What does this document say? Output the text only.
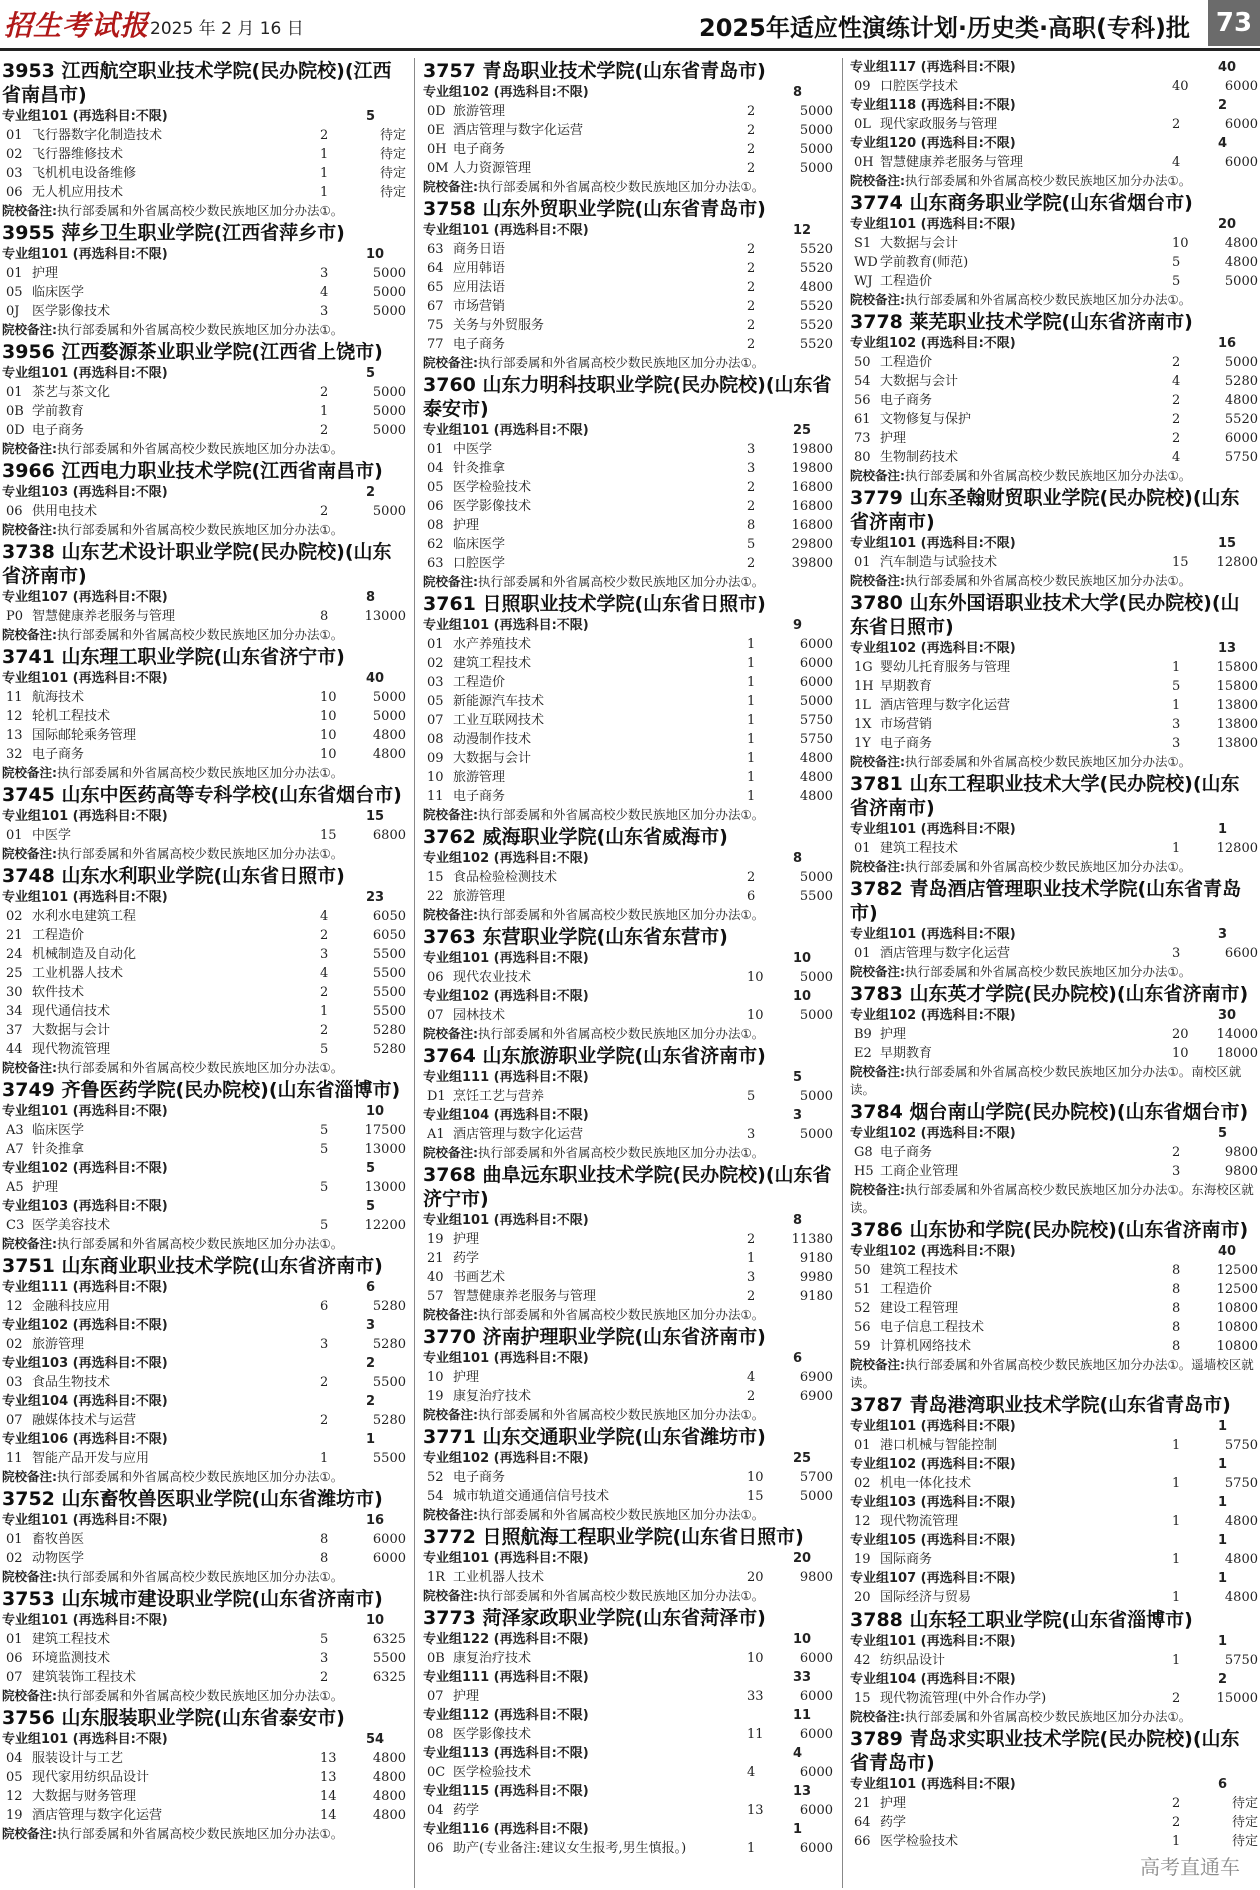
招生考试报 2025 年 2 月 16 日	2025年适应性演练计划·历史类·高职(专科)批 73
3953 江西航空职业技术学院(民办院校)(江西省南昌市)
专业组101 (再选科目:不限)	5
01 飞行器数字化制造技术	2	待定
02 飞行器维修技术	1	待定
03 飞机机电设备维修	1	待定
06 无人机应用技术	1	待定
院校备注:执行部委属和外省属高校少数民族地区加分办法①。
3955 萍乡卫生职业学院(江西省萍乡市)
专业组101 (再选科目:不限)	10
01 护理	3	5000
05 临床医学	4	5000
0J 医学影像技术	3	5000
院校备注:执行部委属和外省属高校少数民族地区加分办法①。
3956 江西婺源茶业职业学院(江西省上饶市)
专业组101 (再选科目:不限)	5
01 茶艺与茶文化	2	5000
0B 学前教育	1	5000
0D 电子商务	2	5000
院校备注:执行部委属和外省属高校少数民族地区加分办法①。
3966 江西电力职业技术学院(江西省南昌市)
专业组103 (再选科目:不限)	2
06 供用电技术	2	5000
院校备注:执行部委属和外省属高校少数民族地区加分办法①。
3738 山东艺术设计职业学院(民办院校)(山东省济南市)
专业组107 (再选科目:不限)	8
P0 智慧健康养老服务与管理	8	13000
院校备注:执行部委属和外省属高校少数民族地区加分办法①。
3741 山东理工职业学院(山东省济宁市)
专业组101 (再选科目:不限)	40
11 航海技术	10	5000
12 轮机工程技术	10	5000
13 国际邮轮乘务管理	10	4800
32 电子商务	10	4800
院校备注:执行部委属和外省属高校少数民族地区加分办法①。
3745 山东中医药高等专科学校(山东省烟台市)
专业组101 (再选科目:不限)	15
01 中医学	15	6800
院校备注:执行部委属和外省属高校少数民族地区加分办法①。
3748 山东水利职业学院(山东省日照市)
专业组101 (再选科目:不限)	23
02 水利水电建筑工程	4	6050
21 工程造价	2	6050
24 机械制造及自动化	3	5500
25 工业机器人技术	4	5500
30 软件技术	2	5500
34 现代通信技术	1	5500
37 大数据与会计	2	5280
44 现代物流管理	5	5280
院校备注:执行部委属和外省属高校少数民族地区加分办法①。
3749 齐鲁医药学院(民办院校)(山东省淄博市)
专业组101 (再选科目:不限)	10
A3 临床医学	5	17500
A7 针灸推拿	5	13000
专业组102 (再选科目:不限)	5
A5 护理	5	13000
专业组103 (再选科目:不限)	5
C3 医学美容技术	5	12200
院校备注:执行部委属和外省属高校少数民族地区加分办法①。
3751 山东商业职业技术学院(山东省济南市)
专业组111 (再选科目:不限)	6
12 金融科技应用	6	5280
专业组102 (再选科目:不限)	3
02 旅游管理	3	5280
专业组103 (再选科目:不限)	2
03 食品生物技术	2	5500
专业组104 (再选科目:不限)	2
07 融媒体技术与运营	2	5280
专业组106 (再选科目:不限)	1
11 智能产品开发与应用	1	5500
院校备注:执行部委属和外省属高校少数民族地区加分办法①。
3752 山东畜牧兽医职业学院(山东省潍坊市)
专业组101 (再选科目:不限)	16
01 畜牧兽医	8	6000
02 动物医学	8	6000
院校备注:执行部委属和外省属高校少数民族地区加分办法①。
3753 山东城市建设职业学院(山东省济南市)
专业组101 (再选科目:不限)	10
01 建筑工程技术	5	6325
06 环境监测技术	3	5500
07 建筑装饰工程技术	2	6325
院校备注:执行部委属和外省属高校少数民族地区加分办法①。
3756 山东服装职业学院(山东省泰安市)
专业组101 (再选科目:不限)	54
04 服装设计与工艺	13	4800
05 现代家用纺织品设计	13	4800
12 大数据与财务管理	14	4800
19 酒店管理与数字化运营	14	4800
院校备注:执行部委属和外省属高校少数民族地区加分办法①。
3757 青岛职业技术学院(山东省青岛市)
专业组102 (再选科目:不限)	8
0D 旅游管理	2	5000
0E 酒店管理与数字化运营	2	5000
0H 电子商务	2	5000
0M 人力资源管理	2	5000
院校备注:执行部委属和外省属高校少数民族地区加分办法①。
3758 山东外贸职业学院(山东省青岛市)
专业组101 (再选科目:不限)	12
63 商务日语	2	5520
64 应用韩语	2	5520
65 应用法语	2	4800
67 市场营销	2	5520
75 关务与外贸服务	2	5520
77 电子商务	2	5520
院校备注:执行部委属和外省属高校少数民族地区加分办法①。
3760 山东力明科技职业学院(民办院校)(山东省泰安市)
专业组101 (再选科目:不限)	25
01 中医学	3	19800
04 针灸推拿	3	19800
05 医学检验技术	2	16800
06 医学影像技术	2	16800
08 护理	8	16800
62 临床医学	5	29800
63 口腔医学	2	39800
院校备注:执行部委属和外省属高校少数民族地区加分办法①。
3761 日照职业技术学院(山东省日照市)
专业组101 (再选科目:不限)	9
01 水产养殖技术	1	6000
02 建筑工程技术	1	6000
03 工程造价	1	6000
05 新能源汽车技术	1	5000
07 工业互联网技术	1	5750
08 动漫制作技术	1	5750
09 大数据与会计	1	4800
10 旅游管理	1	4800
11 电子商务	1	4800
院校备注:执行部委属和外省属高校少数民族地区加分办法①。
3762 威海职业学院(山东省威海市)
专业组102 (再选科目:不限)	8
15 食品检验检测技术	2	5000
22 旅游管理	6	5500
院校备注:执行部委属和外省属高校少数民族地区加分办法①。
3763 东营职业学院(山东省东营市)
专业组101 (再选科目:不限)	10
06 现代农业技术	10	5000
专业组102 (再选科目:不限)	10
07 园林技术	10	5000
院校备注:执行部委属和外省属高校少数民族地区加分办法①。
3764 山东旅游职业学院(山东省济南市)
专业组111 (再选科目:不限)	5
D1 烹饪工艺与营养	5	5000
专业组104 (再选科目:不限)	3
A1 酒店管理与数字化运营	3	5000
院校备注:执行部委属和外省属高校少数民族地区加分办法①。
3768 曲阜远东职业技术学院(民办院校)(山东省济宁市)
专业组101 (再选科目:不限)	8
19 护理	2	11380
21 药学	1	9180
40 书画艺术	3	9980
57 智慧健康养老服务与管理	2	9180
院校备注:执行部委属和外省属高校少数民族地区加分办法①。
3770 济南护理职业学院(山东省济南市)
专业组101 (再选科目:不限)	6
10 护理	4	6900
19 康复治疗技术	2	6900
院校备注:执行部委属和外省属高校少数民族地区加分办法①。
3771 山东交通职业学院(山东省潍坊市)
专业组102 (再选科目:不限)	25
52 电子商务	10	5700
54 城市轨道交通通信信号技术	15	5000
院校备注:执行部委属和外省属高校少数民族地区加分办法①。
3772 日照航海工程职业学院(山东省日照市)
专业组101 (再选科目:不限)	20
1R 工业机器人技术	20	9800
院校备注:执行部委属和外省属高校少数民族地区加分办法①。
3773 菏泽家政职业学院(山东省菏泽市)
专业组122 (再选科目:不限)	10
0B 康复治疗技术	10	6000
专业组111 (再选科目:不限)	33
07 护理	33	6000
专业组112 (再选科目:不限)	11
08 医学影像技术	11	6000
专业组113 (再选科目:不限)	4
0C 医学检验技术	4	6000
专业组115 (再选科目:不限)	13
04 药学	13	6000
专业组116 (再选科目:不限)	1
06 助产(专业备注:建议女生报考,男生慎报。)	1	6000
专业组117 (再选科目:不限)	40
09 口腔医学技术	40	6000
专业组118 (再选科目:不限)	2
0L 现代家政服务与管理	2	6000
专业组120 (再选科目:不限)	4
0H 智慧健康养老服务与管理	4	6000
院校备注:执行部委属和外省属高校少数民族地区加分办法①。
3774 山东商务职业学院(山东省烟台市)
专业组101 (再选科目:不限)	20
S1 大数据与会计	10	4800
WD 学前教育(师范)	5	4800
WJ 工程造价	5	5000
院校备注:执行部委属和外省属高校少数民族地区加分办法①。
3778 莱芜职业技术学院(山东省济南市)
专业组102 (再选科目:不限)	16
50 工程造价	2	5000
54 大数据与会计	4	5280
56 电子商务	2	4800
61 文物修复与保护	2	5520
73 护理	2	6000
80 生物制药技术	4	5750
院校备注:执行部委属和外省属高校少数民族地区加分办法①。
3779 山东圣翰财贸职业学院(民办院校)(山东省济南市)
专业组101 (再选科目:不限)	15
01 汽车制造与试验技术	15	12800
院校备注:执行部委属和外省属高校少数民族地区加分办法①。
3780 山东外国语职业技术大学(民办院校)(山东省日照市)
专业组102 (再选科目:不限)	13
1G 婴幼儿托育服务与管理	1	15800
1H 早期教育	5	15800
1L 酒店管理与数字化运营	1	13800
1X 市场营销	3	13800
1Y 电子商务	3	13800
院校备注:执行部委属和外省属高校少数民族地区加分办法①。
3781 山东工程职业技术大学(民办院校)(山东省济南市)
专业组101 (再选科目:不限)	1
01 建筑工程技术	1	12800
院校备注:执行部委属和外省属高校少数民族地区加分办法①。
3782 青岛酒店管理职业技术学院(山东省青岛市)
专业组101 (再选科目:不限)	3
01 酒店管理与数字化运营	3	6600
院校备注:执行部委属和外省属高校少数民族地区加分办法①。
3783 山东英才学院(民办院校)(山东省济南市)
专业组102 (再选科目:不限)	30
B9 护理	20	14000
E2 早期教育	10	18000
院校备注:执行部委属和外省属高校少数民族地区加分办法①。南校区就读。
3784 烟台南山学院(民办院校)(山东省烟台市)
专业组102 (再选科目:不限)	5
G8 电子商务	2	9800
H5 工商企业管理	3	9800
院校备注:执行部委属和外省属高校少数民族地区加分办法①。东海校区就读。
3786 山东协和学院(民办院校)(山东省济南市)
专业组102 (再选科目:不限)	40
50 建筑工程技术	8	12500
51 工程造价	8	12500
52 建设工程管理	8	10800
56 电子信息工程技术	8	10800
59 计算机网络技术	8	10800
院校备注:执行部委属和外省属高校少数民族地区加分办法①。遥墙校区就读。
3787 青岛港湾职业技术学院(山东省青岛市)
专业组101 (再选科目:不限)	1
01 港口机械与智能控制	1	5750
专业组102 (再选科目:不限)	1
02 机电一体化技术	1	5750
专业组103 (再选科目:不限)	1
12 现代物流管理	1	4800
专业组105 (再选科目:不限)	1
19 国际商务	1	4800
专业组107 (再选科目:不限)	1
20 国际经济与贸易	1	4800
3788 山东轻工职业学院(山东省淄博市)
专业组101 (再选科目:不限)	1
42 纺织品设计	1	5750
专业组104 (再选科目:不限)	2
15 现代物流管理(中外合作办学)	2	15000
院校备注:执行部委属和外省属高校少数民族地区加分办法①。
3789 青岛求实职业技术学院(民办院校)(山东省青岛市)
专业组101 (再选科目:不限)	6
21 护理	2	待定
64 药学	2	待定
66 医学检验技术	1	待定
高考直通车
